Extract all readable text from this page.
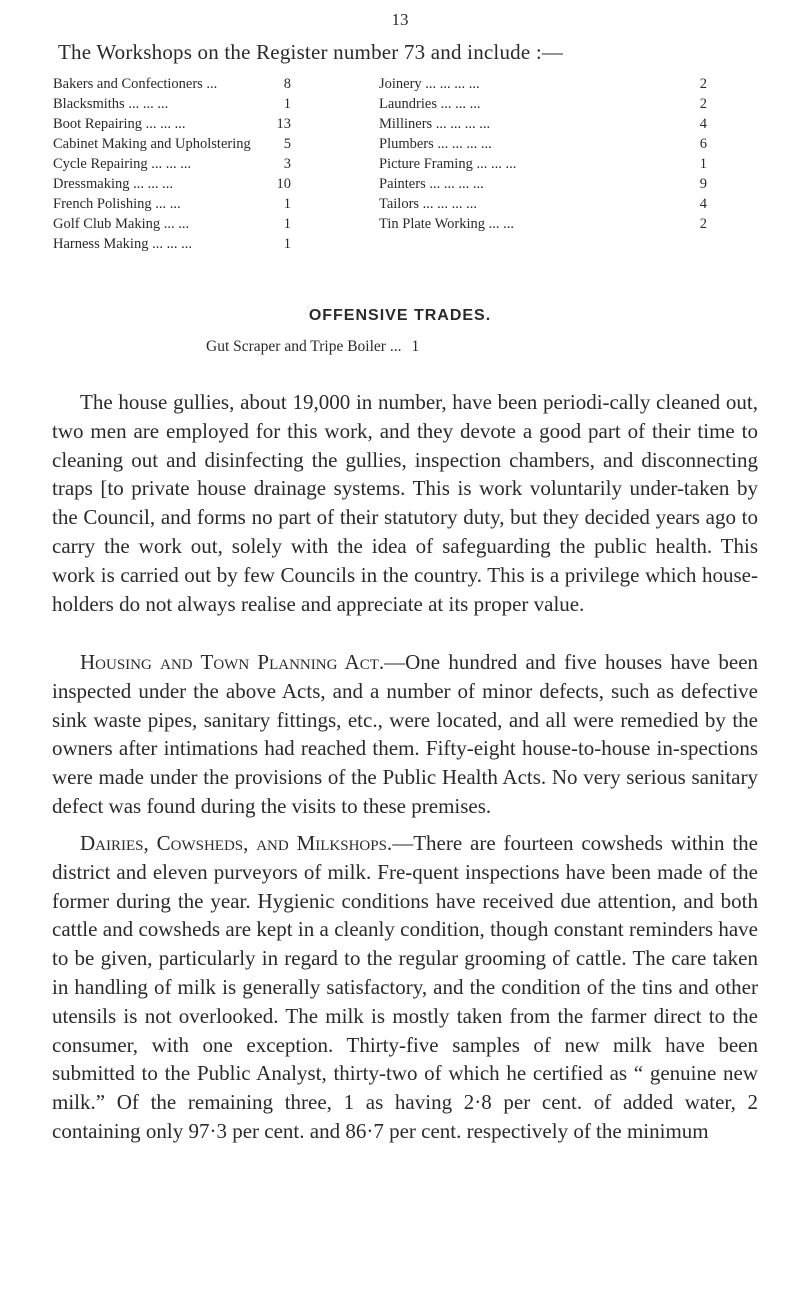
13
The Workshops on the Register number 73 and include :—
Bakers and Confectioners ...	8
Blacksmiths ... ... ...	1
Boot Repairing ... ... ...	13
Cabinet Making and Upholstering	5
Cycle Repairing ... ... ...	3
Dressmaking ... ... ...	10
French Polishing ... ...	1
Golf Club Making ... ...	1
Harness Making ... ... ...	1
Joinery ... ... ... ...	2
Laundries ... ... ...	2
Milliners ... ... ... ...	4
Plumbers ... ... ... ...	6
Picture Framing ... ... ...	1
Painters ... ... ... ...	9
Tailors ... ... ... ...	4
Tin Plate Working ... ...	2
OFFENSIVE TRADES.
Gut Scraper and Tripe Boiler ... 1

The house gullies, about 19,000 in number, have been periodi-cally cleaned out, two men are employed for this work, and they devote a good part of their time to cleaning out and disinfecting the gullies, inspection chambers, and disconnecting traps [to private house drainage systems. This is work voluntarily under-taken by the Council, and forms no part of their statutory duty, but they decided years ago to carry the work out, solely with the idea of safeguarding the public health. This work is carried out by few Councils in the country. This is a privilege which house-holders do not always realise and appreciate at its proper value.

Housing and Town Planning Act.—One hundred and five houses have been inspected under the above Acts, and a number of minor defects, such as defective sink waste pipes, sanitary fittings, etc., were located, and all were remedied by the owners after intimations had reached them. Fifty-eight house-to-house in-spections were made under the provisions of the Public Health Acts. No very serious sanitary defect was found during the visits to these premises.

Dairies, Cowsheds, and Milkshops.—There are fourteen cowsheds within the district and eleven purveyors of milk. Fre-quent inspections have been made of the former during the year. Hygienic conditions have received due attention, and both cattle and cowsheds are kept in a cleanly condition, though constant reminders have to be given, particularly in regard to the regular grooming of cattle. The care taken in handling of milk is generally satisfactory, and the condition of the tins and other utensils is not overlooked. The milk is mostly taken from the farmer direct to the consumer, with one exception. Thirty-five samples of new milk have been submitted to the Public Analyst, thirty-two of which he certified as “ genuine new milk.” Of the remaining three, 1 as having 2·8 per cent. of added water, 2 containing only 97·3 per cent. and 86·7 per cent. respectively of the minimum
